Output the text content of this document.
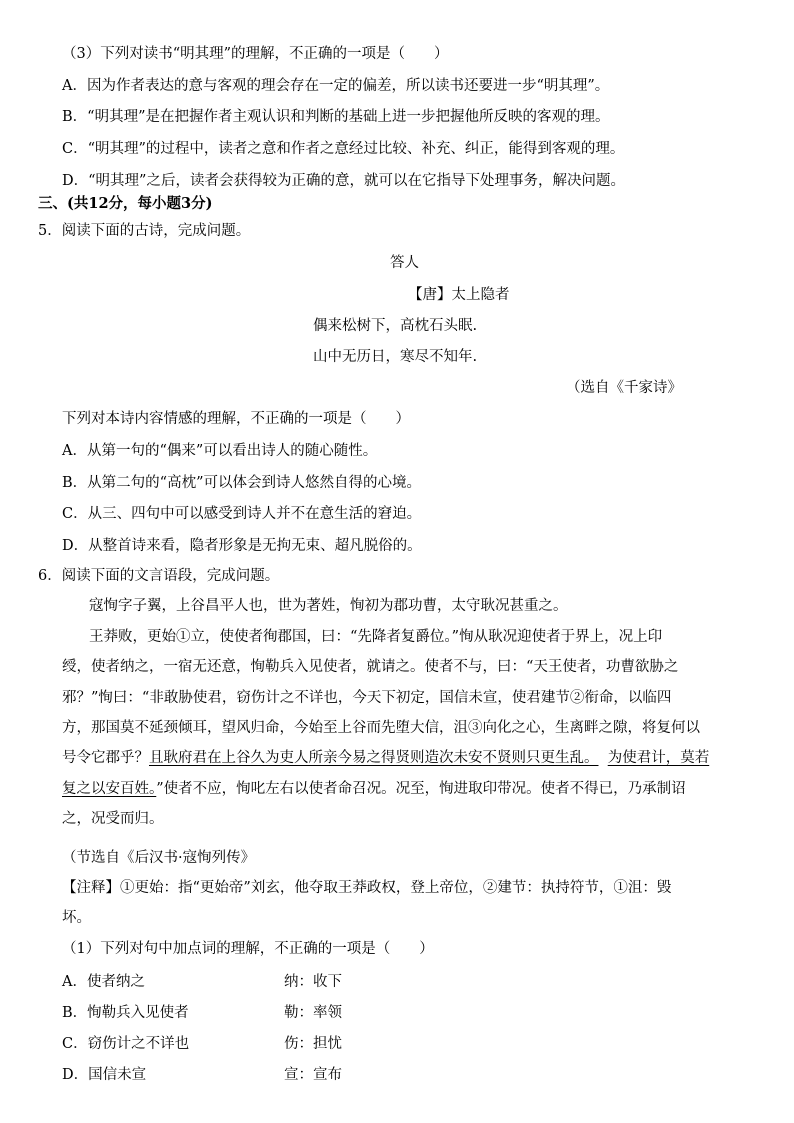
（3）下列对读书“明其理”的理解，不正确的一项是（　　）
A．因为作者表达的意与客观的理会存在一定的偏差，所以读书还要进一步“明其理”。
B．“明其理”是在把握作者主观认识和判断的基础上进一步把握他所反映的客观的理。
C．“明其理”的过程中，读者之意和作者之意经过比较、补充、纠正，能得到客观的理。
D．“明其理”之后，读者会获得较为正确的意，就可以在它指导下处理事务，解决问题。
三、(共12分，每小题3分)
5．阅读下面的古诗，完成问题。
答人
【唐】太上隐者
偶来松树下，高枕石头眠.
山中无历日，寒尽不知年.
（选自《千家诗》
下列对本诗内容情感的理解，不正确的一项是（　　）
A．从第一句的“偶来”可以看出诗人的随心随性。
B．从第二句的“高枕”可以体会到诗人悠然自得的心境。
C．从三、四句中可以感受到诗人并不在意生活的窘迫。
D．从整首诗来看，隐者形象是无拘无束、超凡脱俗的。
6．阅读下面的文言语段，完成问题。
寇恂字子翼，上谷昌平人也，世为著姓，恂初为郡功曹，太守耿况甚重之。
王莽败，更始①立，使使者徇郡国，曰：“先降者复爵位。”恂从耿况迎使者于界上，况上印
绶，使者纳之，一宿无还意，恂勒兵入见使者，就请之。使者不与，曰：“天王使者，功曹欲胁之
邪？”恂曰：“非敢胁使君，窃伤计之不详也，今天下初定，国信未宣，使君建节②衔命，以临四
方，那国莫不延颈倾耳，望风归命，今始至上谷而先堕大信，沮③向化之心，生离畔之隙，将复何以
号令它郡乎？且耿府君在上谷久为吏人所亲今易之得贤则造次未安不贤则只更生乱。 为使君计，莫若
复之以安百姓。”使者不应，恂叱左右以使者命召况。况至，恂进取印带况。使者不得已，乃承制诏
之，况受而归。
（节选自《后汉书·寇恂列传》
【注释】①更始：指“更始帝”刘玄，他夺取王莽政权，登上帝位，②建节：执持符节，①沮：毁
坏。
（1）下列对句中加点词的理解，不正确的一项是（　　）
A．使者纳之	纳：收下
B．恂勒兵入见使者	勒：率领
C．窃伤计之不详也	伤：担忧
D．国信未宣	宣：宣布
